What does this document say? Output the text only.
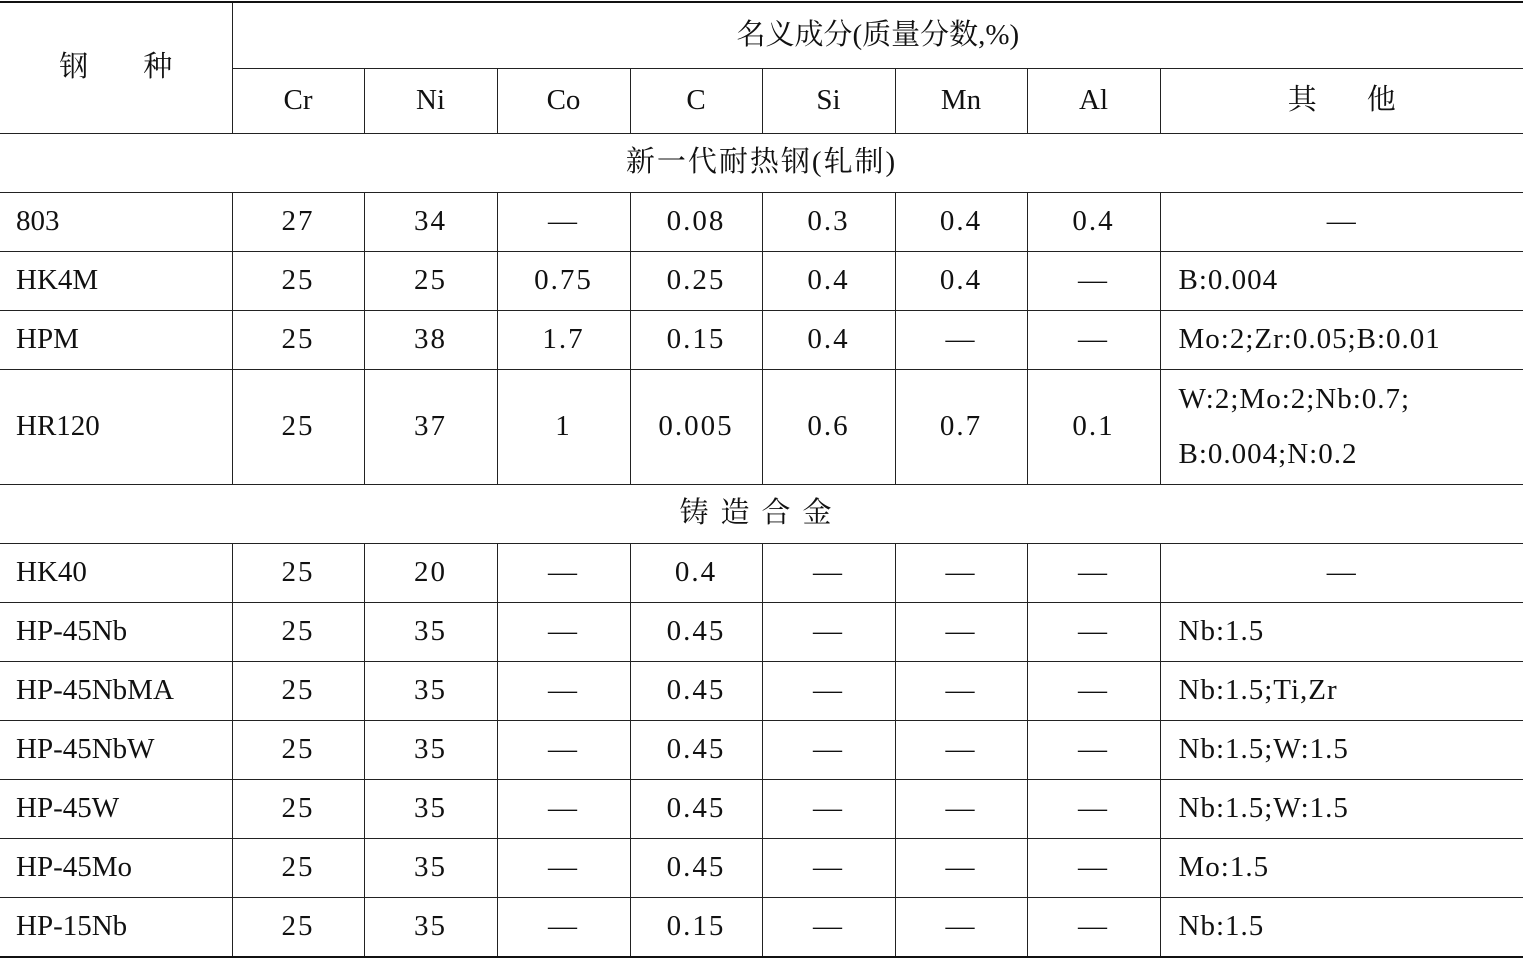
钢 种	名义成分(质量分数,%)							
	Cr	Ni	Co	C	Si	Mn	Al	其 他
新一代耐热钢(轧制)								
803	27	34	—	0.08	0.3	0.4	0.4	—
HK4M	25	25	0.75	0.25	0.4	0.4	—	B:0.004
HPM	25	38	1.7	0.15	0.4	—	—	Mo:2;Zr:0.05;B:0.01
HR120	25	37	1	0.005	0.6	0.7	0.1	W:2;Mo:2;Nb:0.7;
B:0.004;N:0.2

铸造合金								
HK40	25	20	—	0.4	—	—	—	—
HP-45Nb	25	35	—	0.45	—	—	—	Nb:1.5
HP-45NbMA	25	35	—	0.45	—	—	—	Nb:1.5;Ti,Zr
HP-45NbW	25	35	—	0.45	—	—	—	Nb:1.5;W:1.5
HP-45W	25	35	—	0.45	—	—	—	Nb:1.5;W:1.5
HP-45Mo	25	35	—	0.45	—	—	—	Mo:1.5
HP-15Nb	25	35	—	0.15	—	—	—	Nb:1.5
